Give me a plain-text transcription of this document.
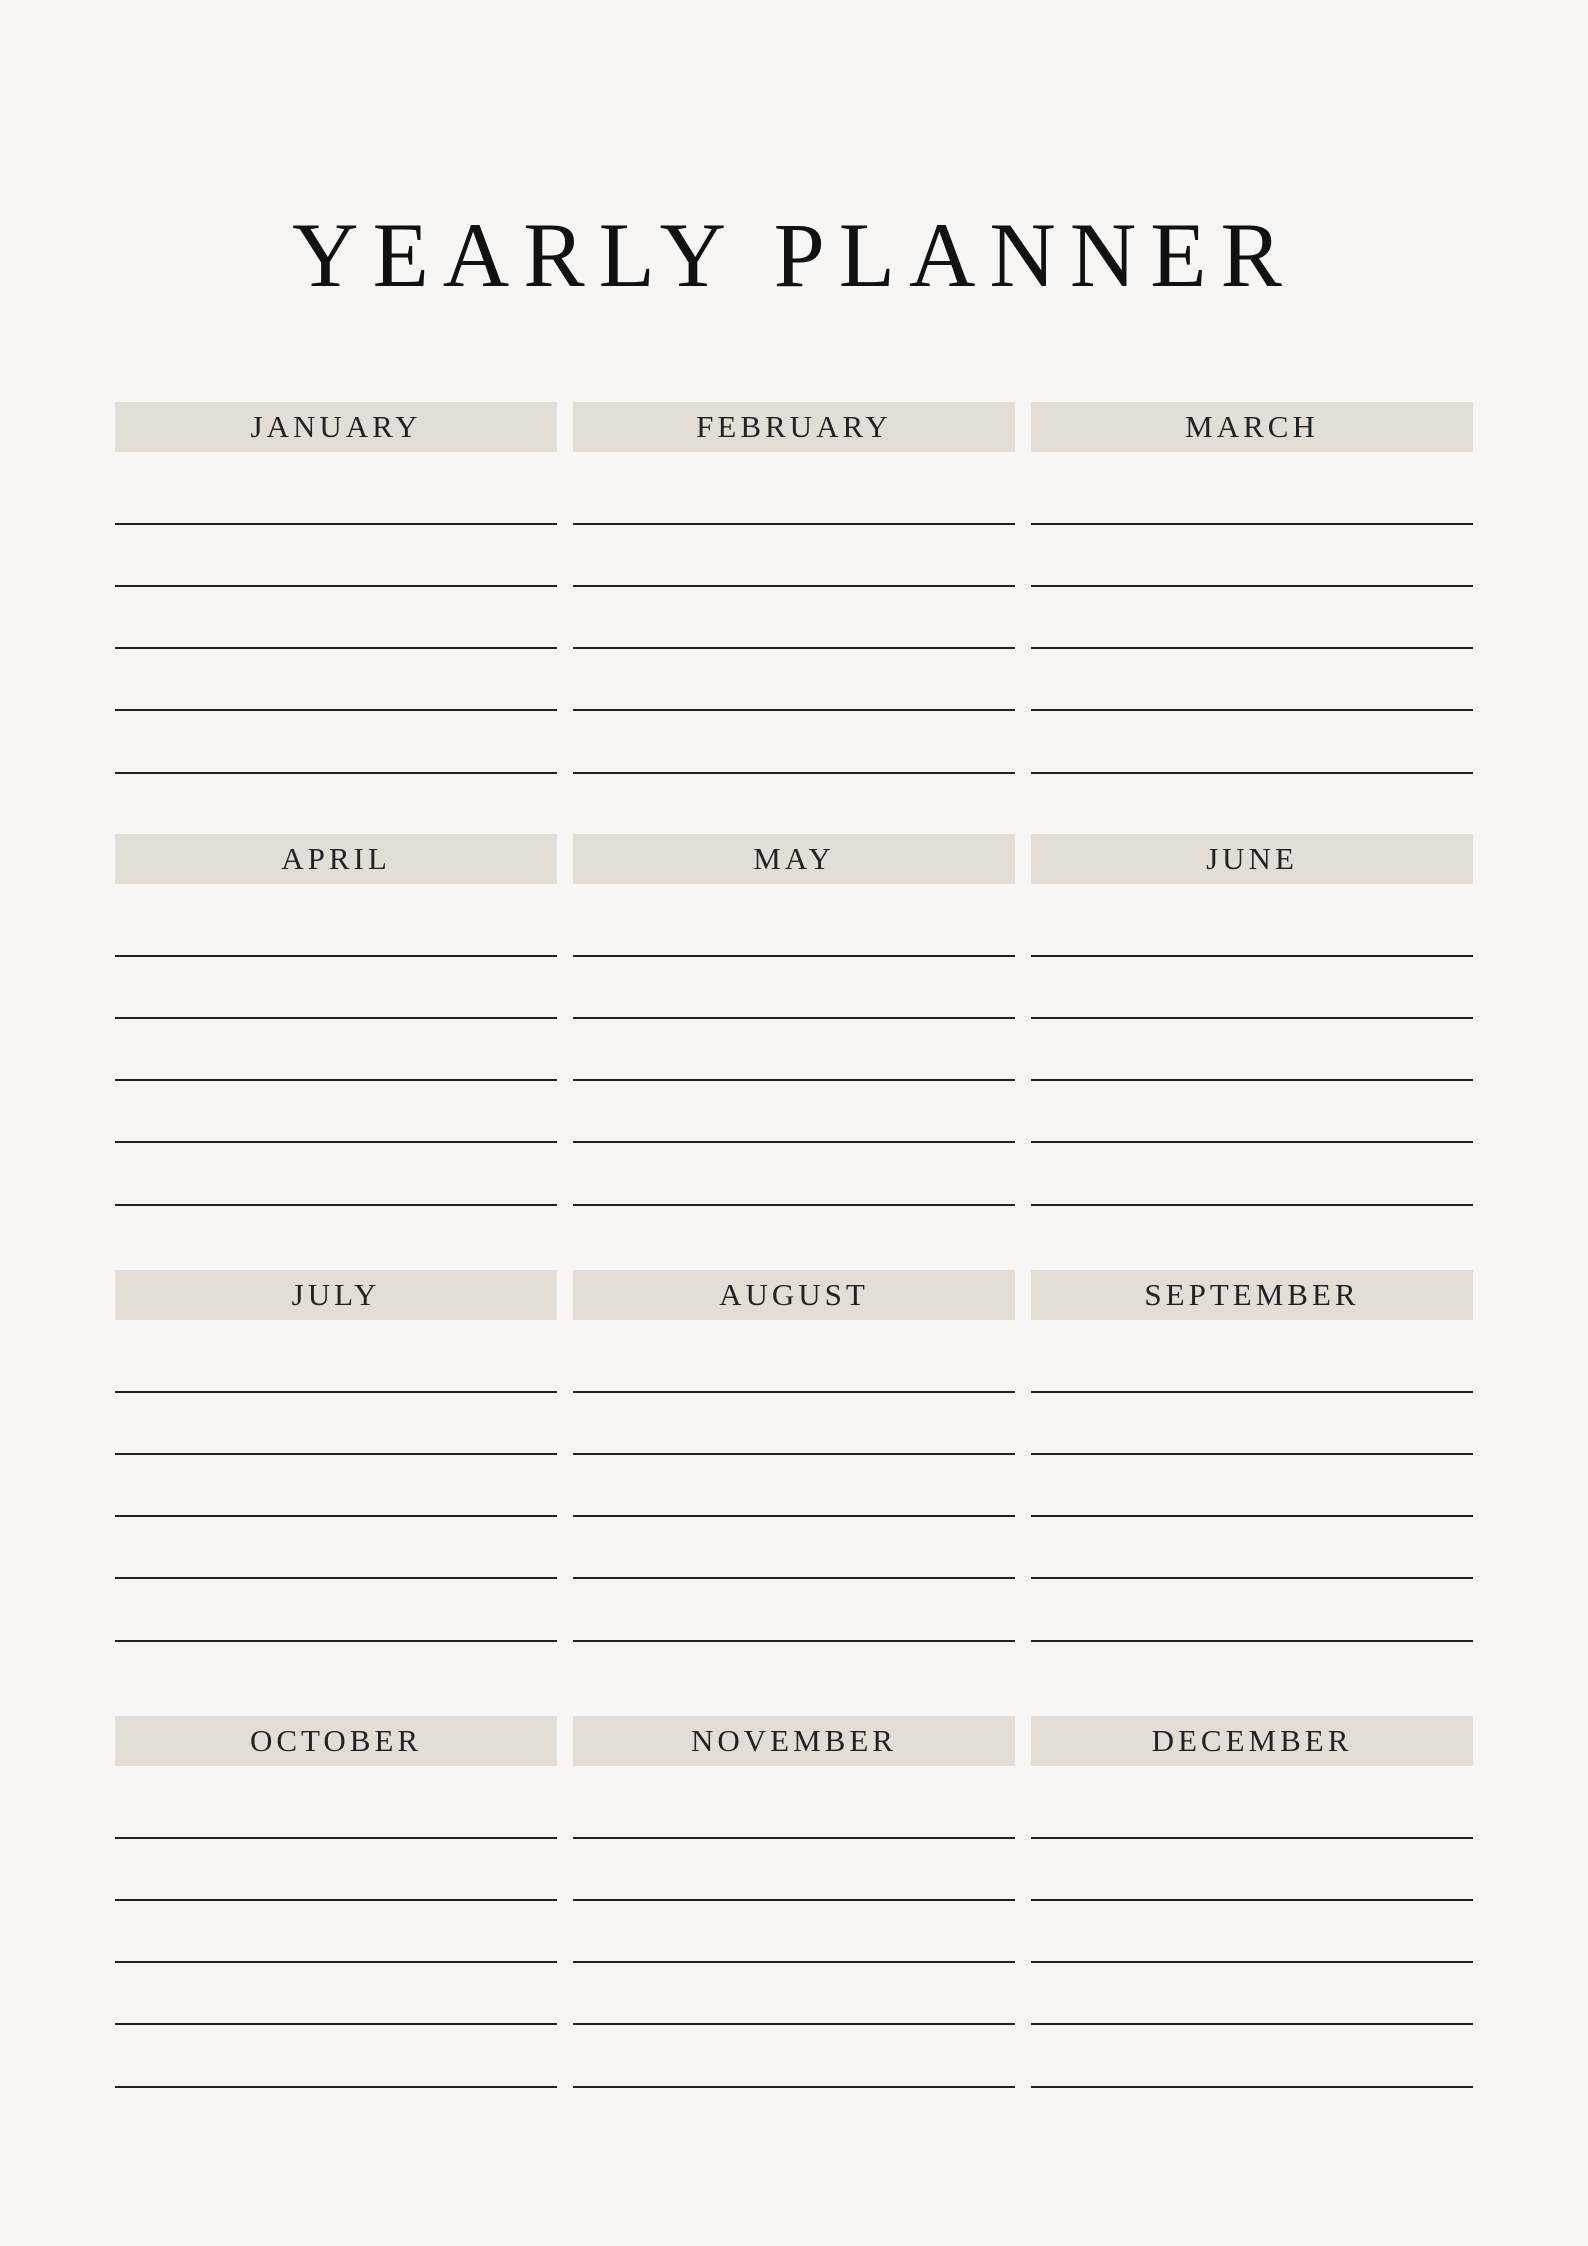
YEARLY PLANNER
JANUARY	FEBRUARY	MARCH
APRIL	MAY	JUNE
JULY	AUGUST	SEPTEMBER
OCTOBER	NOVEMBER	DECEMBER
